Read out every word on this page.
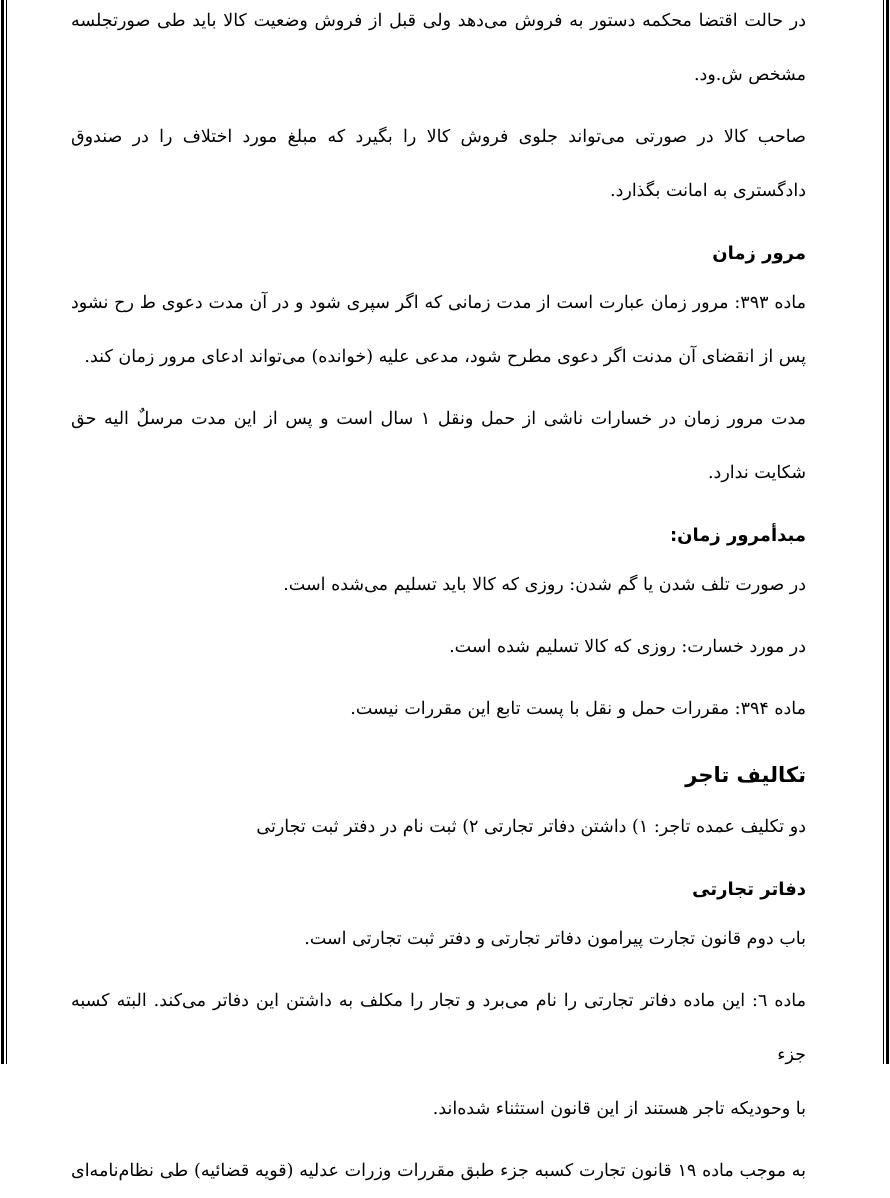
در حالت اقتضا محکمه دستور به فروش می‌دهد ولی قبل از فروش وضعیت کالا باید طی صورتجلسه

مشخص ش.ود.

صاحب کالا در صورتی می‌تواند جلوی فروش کالا را بگیرد که مبلغ مورد اختلاف را در صندوق

دادگستری به امانت بگذارد.

مرور زمان

ماده ۳۹۳: مرور زمان عبارت است از مدت زمانی که اگر سپری شود و در آن مدت دعوی ط رح نشود

پس از انقضای آن مدنت اگر دعوی مطرح شود، مدعی علیه (خوانده) می‌تواند ادعای مرور زمان کند.

مدت مرور زمان در خسارات ناشی از حمل ونقل ۱ سال است و پس از این مدت مرسلٌ الیه حق

شکایت ندارد.

مبدأمرور زمان:

در صورت تلف شدن یا گم شدن: روزی که کالا باید تسلیم می‌شده است.

در مورد خسارت: روزی که کالا تسلیم شده است.

ماده ۳۹۴: مقررات حمل و نقل با پست تابع این مقررات نیست.

تکالیف تاجر

دو تکلیف عمده تاجر: ۱) داشتن دفاتر تجارتی ۲) ثبت نام در دفتر ثبت تجارتی

دفاتر تجارتی

باب دوم قانون تجارت پیرامون دفاتر تجارتی و دفتر ثبت تجارتی است.

ماده ٦: این ماده دفاتر تجارتی را نام می‌برد و تجار را مکلف به داشتن این دفاتر می‌کند. البته کسبه جزء

با وحودیکه تاجر هستند از این قانون استثناء شده‌اند.

به موجب ماده ۱۹ قانون تجارت کسبه جزء طبق مقررات وزرات عدلیه (قویه قضائیه) طی نظام‌نامه‌ای
